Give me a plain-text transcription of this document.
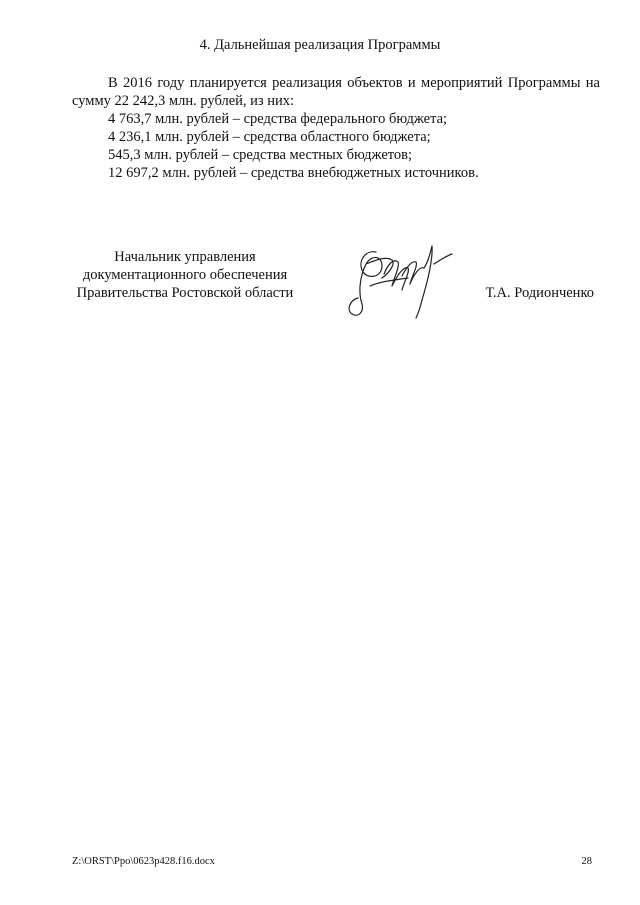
4. Дальнейшая реализация Программы
В 2016 году планируется реализация объектов и мероприятий Программы на сумму 22 242,3 млн. рублей, из них:
4 763,7 млн. рублей – средства федерального бюджета;
4 236,1 млн. рублей – средства областного бюджета;
545,3 млн. рублей – средства местных бюджетов;
12 697,2 млн. рублей – средства внебюджетных источников.
Начальник управления
документационного обеспечения
Правительства Ростовской области	Т.А. Родионченко
Z:\ORST\Ppo\0623p428.f16.docx	28
